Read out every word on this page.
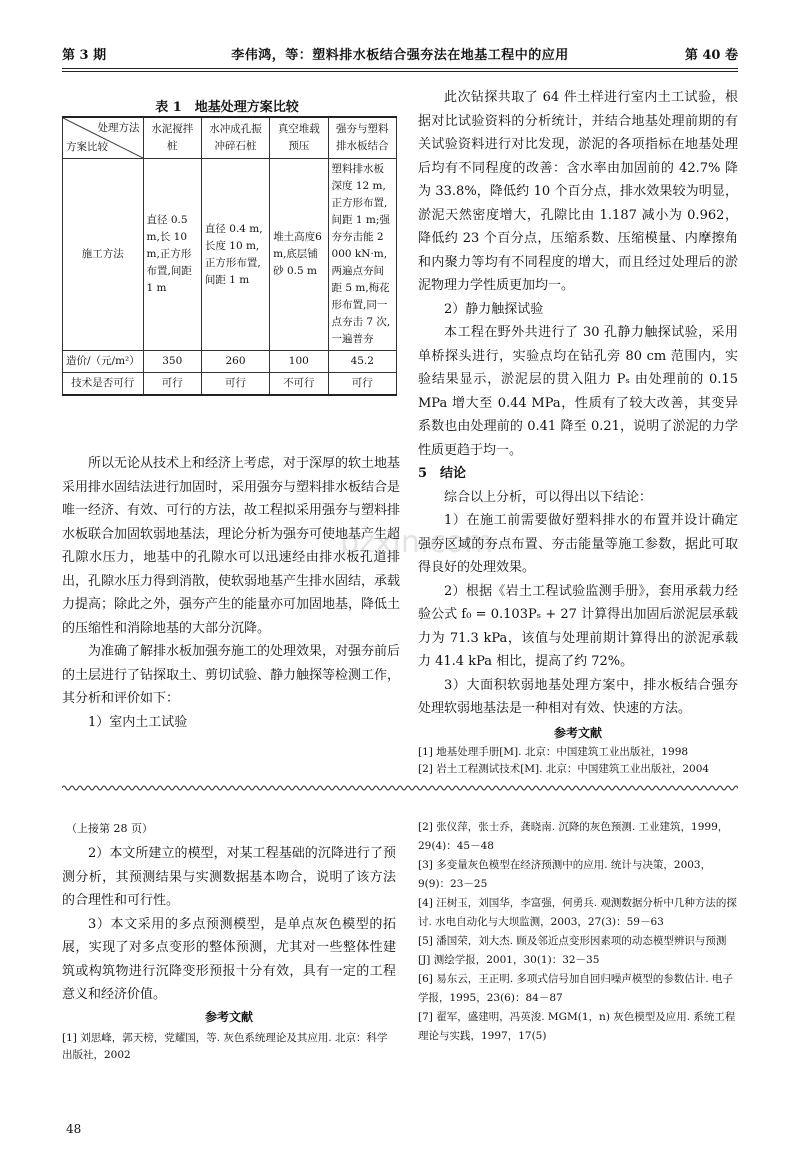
第 3 期	李伟鸿，等：塑料排水板结合强夯法在地基工程中的应用	第 40 卷
bzxin.com
表 1　地基处理方案比较
处理方法
方案比较	水泥搅拌桩	水冲成孔振冲碎石桩	真空堆载预压	强夯与塑料排水板结合
施工方法	直径 0.5 m,长 10 m,正方形布置,间距 1 m	直径 0.4 m,长度 10 m,正方形布置,间距 1 m	堆土高度6 m,底层铺砂 0.5 m	塑料排水板深度 12 m,正方形布置,间距 1 m;强夯夯击能 2 000 kN·m,两遍点夯间距 5 m,梅花形布置,同一点夯击 7 次,一遍普夯
造价/（元/m²）	350	260	100	45.2
技术是否可行	可行	可行	不可行	可行

所以无论从技术上和经济上考虑，对于深厚的软土地基采用排水固结法进行加固时，采用强夯与塑料排水板结合是唯一经济、有效、可行的方法，故工程拟采用强夯与塑料排水板联合加固软弱地基法，理论分析为强夯可使地基产生超孔隙水压力，地基中的孔隙水可以迅速经由排水板孔道排出，孔隙水压力得到消散，使软弱地基产生排水固结，承载力提高；除此之外，强夯产生的能量亦可加固地基，降低土的压缩性和消除地基的大部分沉降。

为准确了解排水板加强夯施工的处理效果，对强夯前后的土层进行了钻探取土、剪切试验、静力触探等检测工作，其分析和评价如下：

1）室内土工试验

此次钻探共取了 64 件土样进行室内土工试验，根据对比试验资料的分析统计，并结合地基处理前期的有关试验资料进行对比发现，淤泥的各项指标在地基处理后均有不同程度的改善：含水率由加固前的 42.7% 降为 33.8%，降低约 10 个百分点，排水效果较为明显，淤泥天然密度增大，孔隙比由 1.187 减小为 0.962，降低约 23 个百分点，压缩系数、压缩模量、内摩擦角和内聚力等均有不同程度的增大，而且经过处理后的淤泥物理力学性质更加均一。

2）静力触探试验

本工程在野外共进行了 30 孔静力触探试验，采用单桥探头进行，实验点均在钻孔旁 80 cm 范围内，实验结果显示，淤泥层的贯入阻力 Pₛ 由处理前的 0.15 MPa 增大至 0.44 MPa，性质有了较大改善，其变异系数也由处理前的 0.41 降至 0.21，说明了淤泥的力学性质更趋于均一。

5　结论

综合以上分析，可以得出以下结论：

1）在施工前需要做好塑料排水的布置并设计确定强夯区域的夯点布置、夯击能量等施工参数，据此可取得良好的处理效果。

2）根据《岩土工程试验监测手册》，套用承载力经验公式 f₀ = 0.103Pₛ + 27 计算得出加固后淤泥层承载力为 71.3 kPa，该值与处理前期计算得出的淤泥承载力 41.4 kPa 相比，提高了约 72%。

3）大面积软弱地基处理方案中，排水板结合强夯处理软弱地基法是一种相对有效、快速的方法。

参考文献
[1] 地基处理手册[M]. 北京：中国建筑工业出版社，1998
[2] 岩土工程测试技术[M]. 北京：中国建筑工业出版社，2004
（上接第 28 页）

2）本文所建立的模型，对某工程基础的沉降进行了预测分析，其预测结果与实测数据基本吻合，说明了该方法的合理性和可行性。

3）本文采用的多点预测模型，是单点灰色模型的拓展，实现了对多点变形的整体预测，尤其对一些整体性建筑或构筑物进行沉降变形预报十分有效，具有一定的工程意义和经济价值。

参考文献
[1] 刘思峰，郭天榜，党耀国，等. 灰色系统理论及其应用. 北京：科学出版社，2002
[2] 张仪萍，张士乔，龚晓南. 沉降的灰色预测. 工业建筑，1999，29(4)：45－48
[3] 多变量灰色模型在经济预测中的应用. 统计与决策，2003，9(9)：23－25
[4] 汪树玉，刘国华，李富强，何勇兵. 观测数据分析中几种方法的探讨. 水电自动化与大坝监测，2003，27(3)：59－63
[5] 潘国荣，刘大杰. 顾及邻近点变形因素项的动态模型辨识与预测[J] 测绘学报，2001，30(1)：32－35
[6] 易东云，王正明. 多项式信号加自回归噪声模型的参数估计. 电子学报，1995，23(6)：84－87
[7] 翟军，盛建明，冯英浚. MGM(1，n) 灰色模型及应用. 系统工程理论与实践，1997，17(5)
48
